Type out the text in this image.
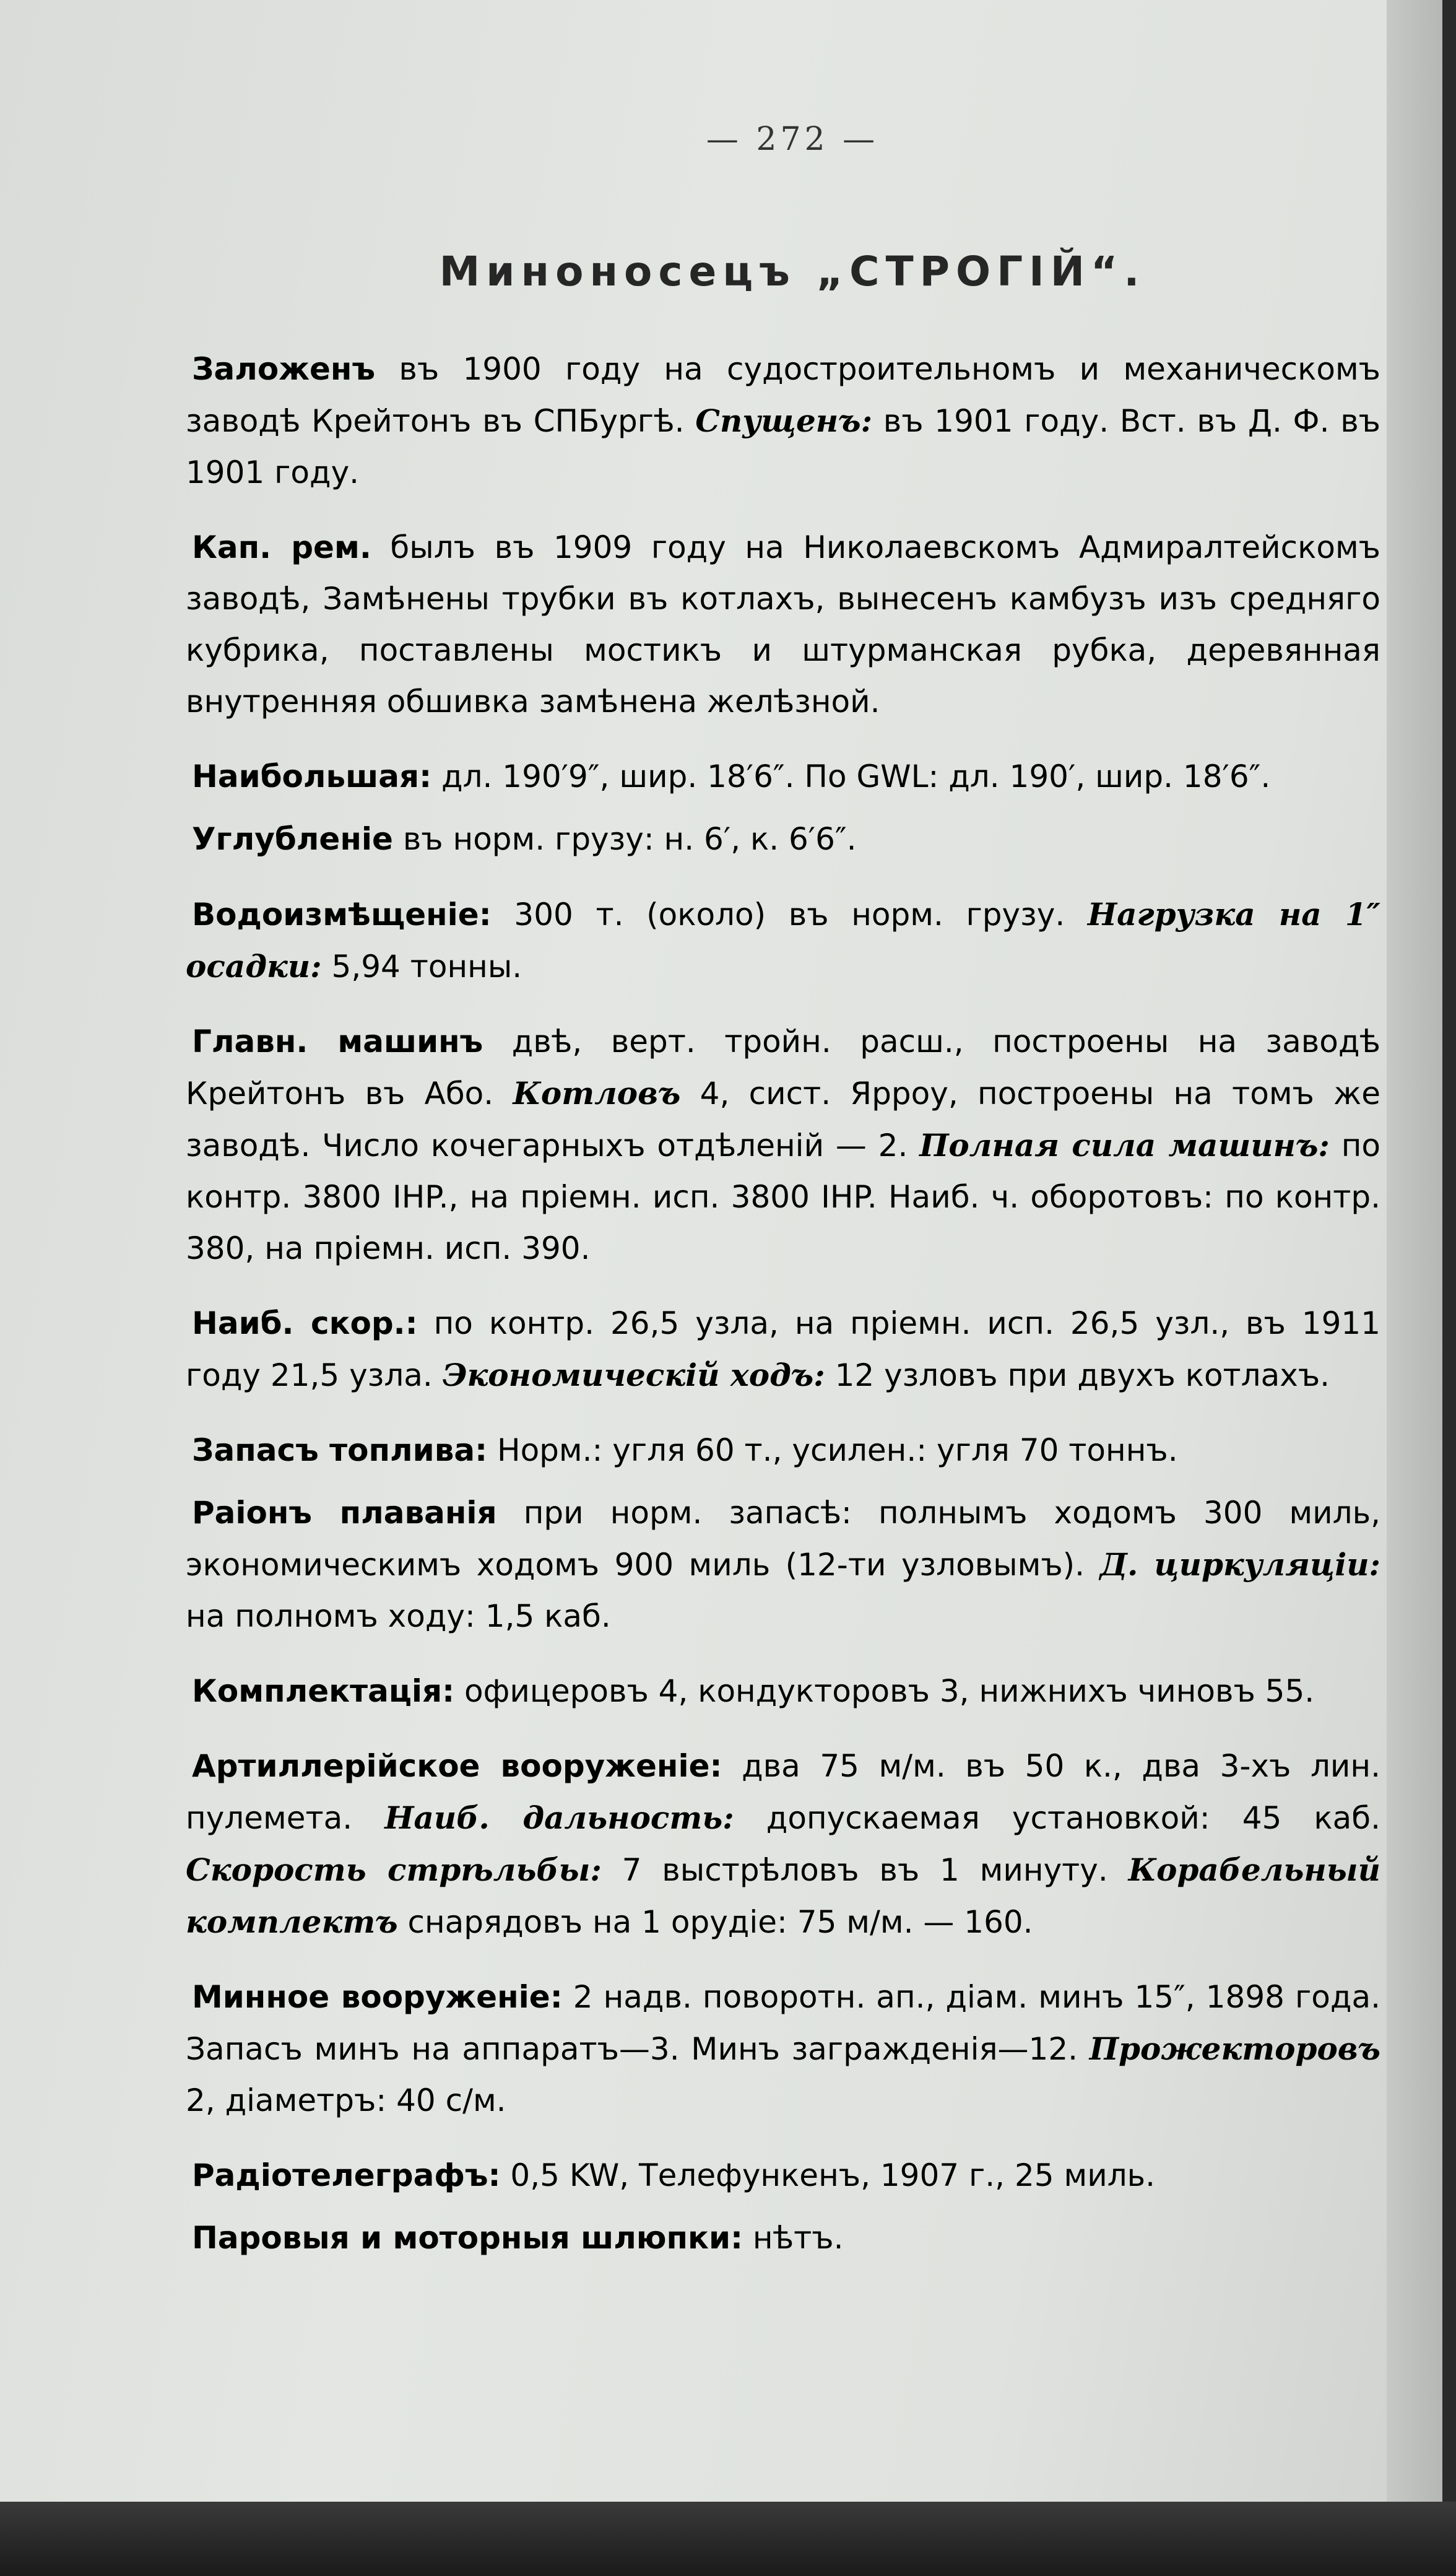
— 272 —
Миноносецъ „СТРОГІЙ“.

Заложенъ въ 1900 году на судостроительномъ и механическомъ заводѣ Крейтонъ въ СПБургѣ. Спущенъ: въ 1901 году. Вст. въ Д. Ф. въ 1901 году.

Кап. рем. былъ въ 1909 году на Николаевскомъ Адмиралтейскомъ заводѣ, Замѣнены трубки въ котлахъ, вынесенъ камбузъ изъ средняго кубрика, поставлены мостикъ и штурманская рубка, деревянная внутренняя обшивка замѣнена желѣзной.

Наибольшая: дл. 190′9″, шир. 18′6″. По GWL: дл. 190′, шир. 18′6″.

Углубленіе въ норм. грузу: н. 6′, к. 6′6″.

Водоизмѣщеніе: 300 т. (около) въ норм. грузу. Нагрузка на 1″ осадки: 5,94 тонны.

Главн. машинъ двѣ, верт. тройн. расш., построены на заводѣ Крейтонъ въ Або. Котловъ 4, сист. Ярроу, построены на томъ же заводѣ. Число кочегарныхъ отдѣленій — 2. Полная сила машинъ: по контр. 3800 IHP., на пріемн. исп. 3800 IHP. Наиб. ч. оборотовъ: по контр. 380, на пріемн. исп. 390.

Наиб. скор.: по контр. 26,5 узла, на пріемн. исп. 26,5 узл., въ 1911 году 21,5 узла. Экономическій ходъ: 12 узловъ при двухъ котлахъ.

Запасъ топлива: Норм.: угля 60 т., усилен.: угля 70 тоннъ.

Раіонъ плаванія при норм. запасѣ: полнымъ ходомъ 300 миль, экономическимъ ходомъ 900 миль (12-ти узловымъ). Д. циркуляціи: на полномъ ходу: 1,5 каб.

Комплектація: офицеровъ 4, кондукторовъ 3, нижнихъ чиновъ 55.

Артиллерійское вооруженіе: два 75 м/м. въ 50 к., два 3-хъ лин. пулемета. Наиб. дальность: допускаемая установкой: 45 каб. Скорость стрѣльбы: 7 выстрѣловъ въ 1 минуту. Корабельный комплектъ снарядовъ на 1 орудіе: 75 м/м. — 160.

Минное вооруженіе: 2 надв. поворотн. ап., діам. минъ 15″, 1898 года. Запасъ минъ на аппаратъ—3. Минъ загражденія—12. Прожекторовъ 2, діаметръ: 40 с/м.

Радіотелеграфъ: 0,5 KW, Телефункенъ, 1907 г., 25 миль.

Паровыя и моторныя шлюпки: нѣтъ.
